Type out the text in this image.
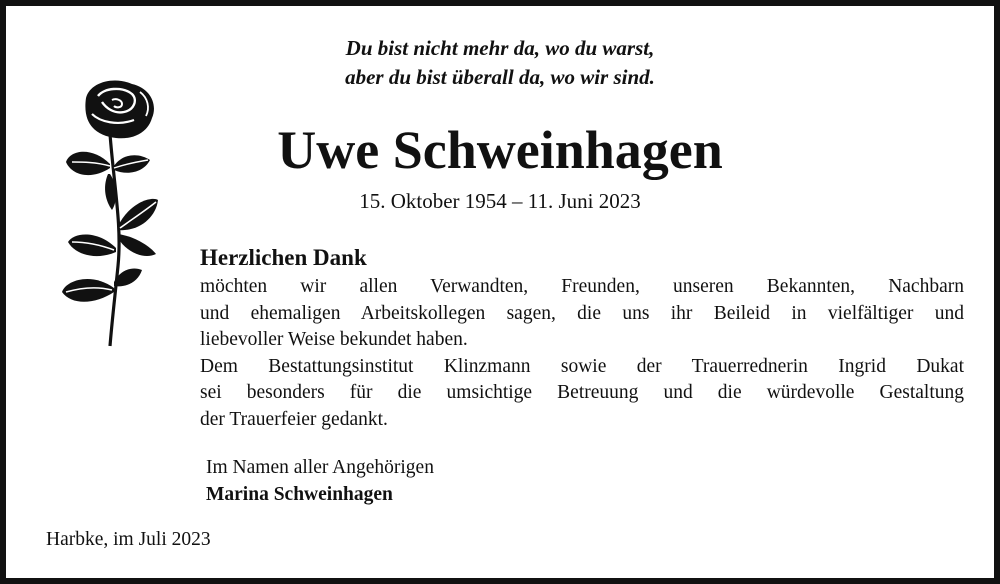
Du bist nicht mehr da, wo du warst,
aber du bist überall da, wo wir sind.
Uwe Schweinhagen
15. Oktober 1954 – 11. Juni 2023
Herzlichen Dank
möchten wir allen Verwandten, Freunden, unseren Bekannten, Nachbarn
und ehemaligen Arbeitskollegen sagen, die uns ihr Beileid in vielfältiger und
liebevoller Weise bekundet haben.
Dem Bestattungsinstitut Klinzmann sowie der Trauerrednerin Ingrid Dukat
sei besonders für die umsichtige Betreuung und die würdevolle Gestaltung
der Trauerfeier gedankt.
Im Namen aller Angehörigen
Marina Schweinhagen
Harbke, im Juli 2023
